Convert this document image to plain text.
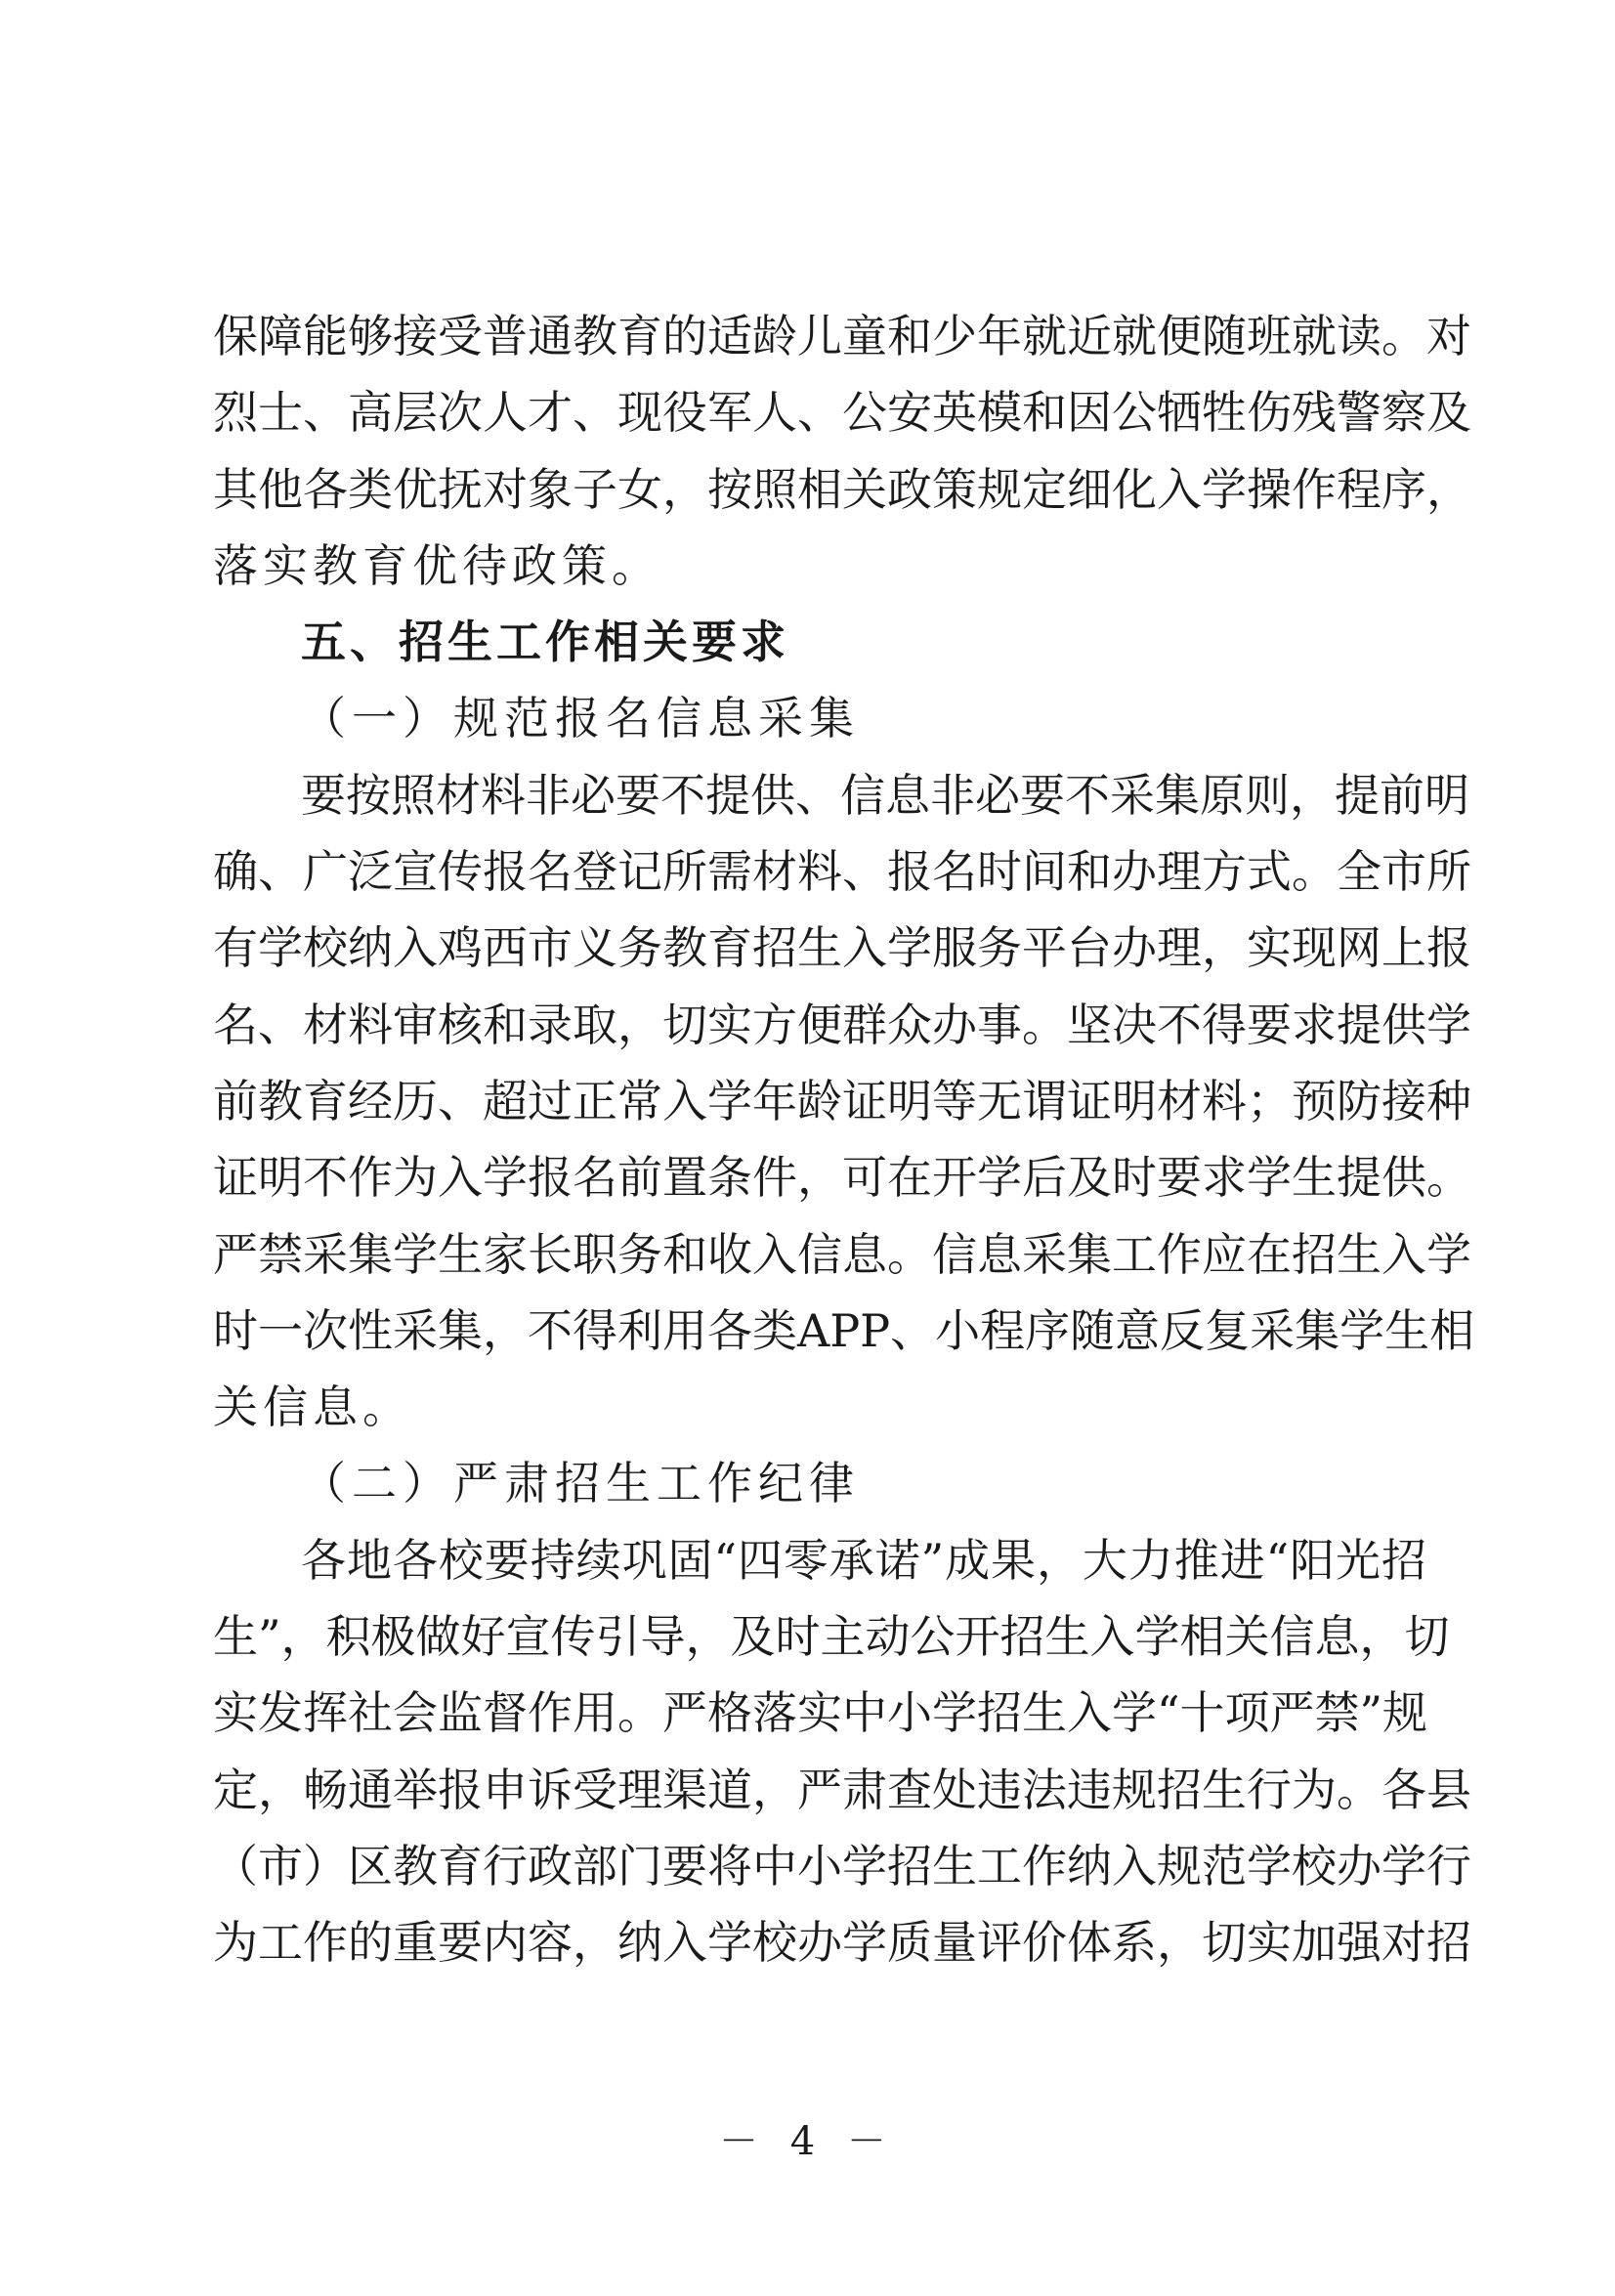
保障能够接受普通教育的适龄儿童和少年就近就便随班就读。对
烈士、高层次人才、现役军人、公安英模和因公牺牲伤残警察及
其他各类优抚对象子女，按照相关政策规定细化入学操作程序，
落实教育优待政策。
五、招生工作相关要求
（一）规范报名信息采集
要按照材料非必要不提供、信息非必要不采集原则，提前明
确、广泛宣传报名登记所需材料、报名时间和办理方式。全市所
有学校纳入鸡西市义务教育招生入学服务平台办理，实现网上报
名、材料审核和录取，切实方便群众办事。坚决不得要求提供学
前教育经历、超过正常入学年龄证明等无谓证明材料；预防接种
证明不作为入学报名前置条件，可在开学后及时要求学生提供。
严禁采集学生家长职务和收入信息。信息采集工作应在招生入学
时一次性采集，不得利用各类APP、小程序随意反复采集学生相
关信息。
（二）严肃招生工作纪律
各地各校要持续巩固“四零承诺”成果，大力推进“阳光招
生”，积极做好宣传引导，及时主动公开招生入学相关信息，切
实发挥社会监督作用。严格落实中小学招生入学“十项严禁”规
定，畅通举报申诉受理渠道，严肃查处违法违规招生行为。各县
（市）区教育行政部门要将中小学招生工作纳入规范学校办学行
为工作的重要内容，纳入学校办学质量评价体系，切实加强对招
－ 4 －
